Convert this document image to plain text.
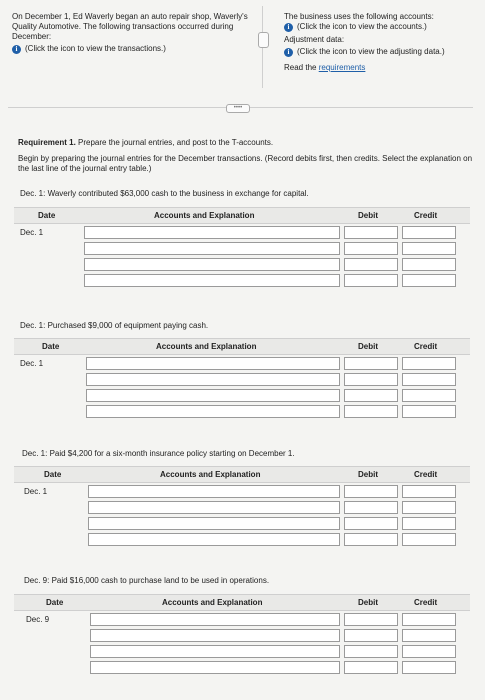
On December 1, Ed Waverly began an auto repair shop, Waverly's Quality Automotive. The following transactions occurred during December:
i (Click the icon to view the transactions.)
The business uses the following accounts:
i (Click the icon to view the accounts.)
Adjustment data:
i (Click the icon to view the adjusting data.)
Read the requirements
••••
Requirement 1. Prepare the journal entries, and post to the T-accounts.
Begin by preparing the journal entries for the December transactions. (Record debits first, then credits. Select the explanation on the last line of the journal entry table.)
Dec. 1: Waverly contributed $63,000 cash to the business in exchange for capital.
Date	Accounts and Explanation	Debit	Credit
Dec. 1
Dec. 1: Purchased $9,000 of equipment paying cash.
Date	Accounts and Explanation	Debit	Credit
Dec. 1
Dec. 1: Paid $4,200 for a six-month insurance policy starting on December 1.
Date	Accounts and Explanation	Debit	Credit
Dec. 1
Dec. 9: Paid $16,000 cash to purchase land to be used in operations.
Date	Accounts and Explanation	Debit	Credit
Dec. 9
